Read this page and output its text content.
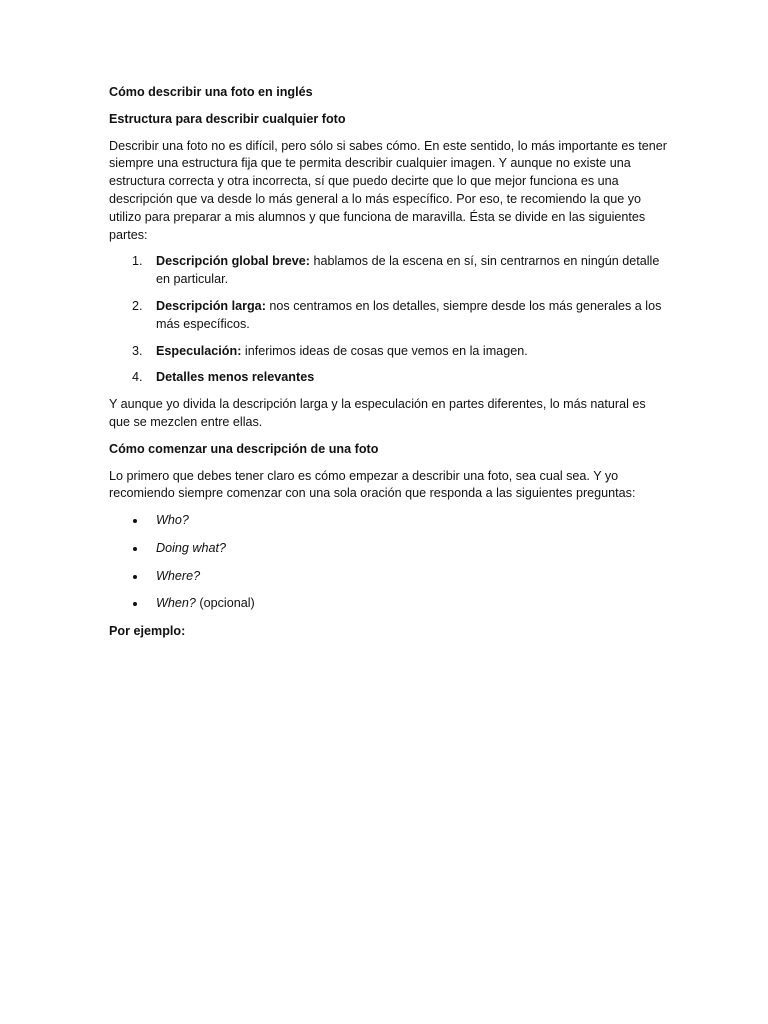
Cómo describir una foto en inglés

Estructura para describir cualquier foto

Describir una foto no es difícil, pero sólo si sabes cómo. En este sentido, lo más importante es tener siempre una estructura fija que te permita describir cualquier imagen. Y aunque no existe una estructura correcta y otra incorrecta, sí que puedo decirte que lo que mejor funciona es una descripción que va desde lo más general a lo más específico. Por eso, te recomiendo la que yo utilizo para preparar a mis alumnos y que funciona de maravilla. Ésta se divide en las siguientes partes:

1. Descripción global breve: hablamos de la escena en sí, sin centrarnos en ningún detalle en particular.
2. Descripción larga: nos centramos en los detalles, siempre desde los más generales a los más específicos.
3. Especulación: inferimos ideas de cosas que vemos en la imagen.
4. Detalles menos relevantes

Y aunque yo divida la descripción larga y la especulación en partes diferentes, lo más natural es que se mezclen entre ellas.

Cómo comenzar una descripción de una foto

Lo primero que debes tener claro es cómo empezar a describir una foto, sea cual sea. Y yo recomiendo siempre comenzar con una sola oración que responda a las siguientes preguntas:

Who?
Doing what?
Where?
When? (opcional)

Por ejemplo:
